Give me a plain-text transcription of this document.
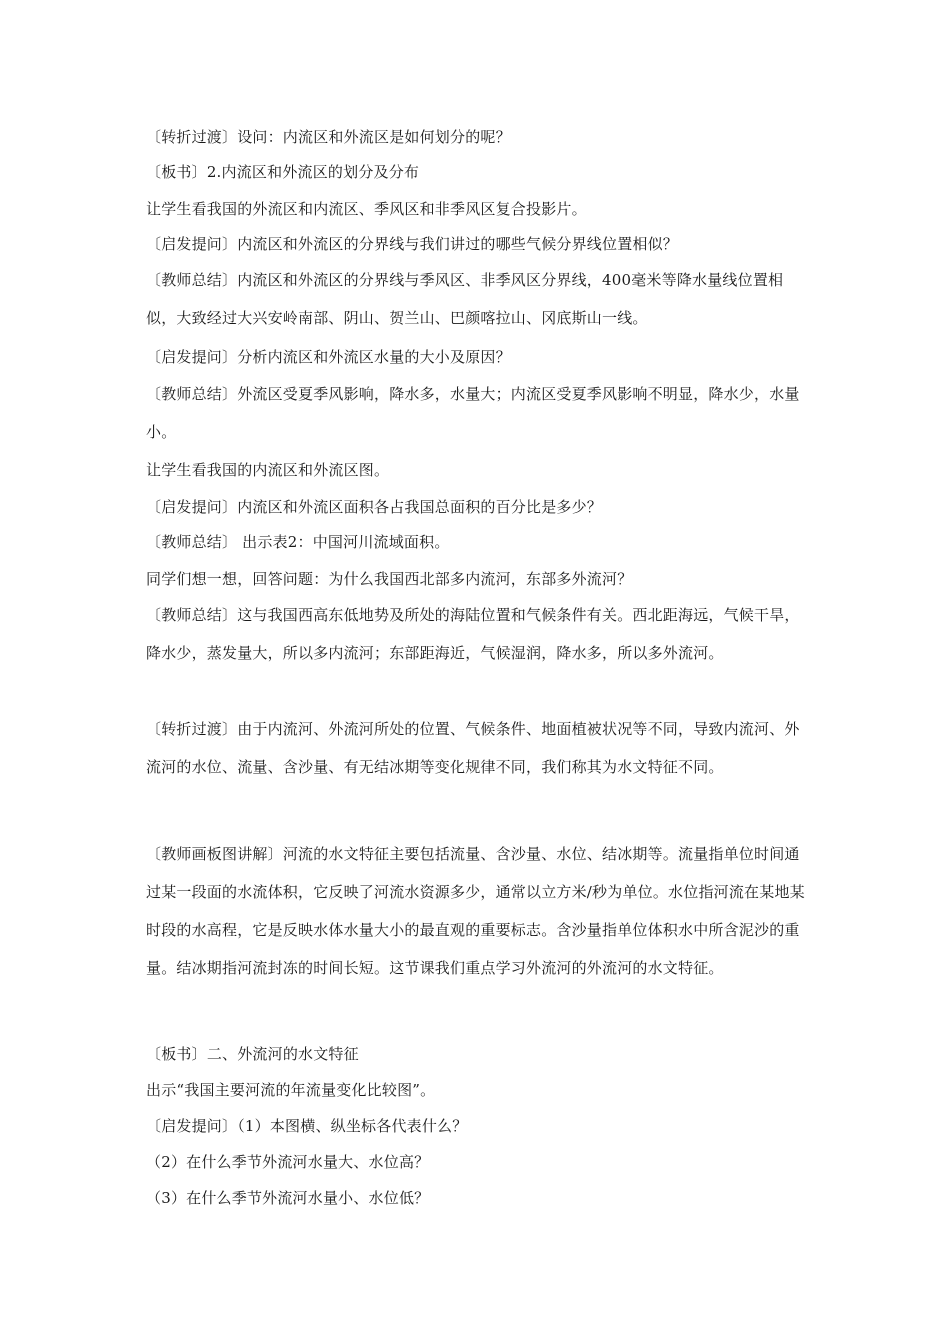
〔转折过渡〕设问：内流区和外流区是如何划分的呢？

〔板书〕2.内流区和外流区的划分及分布

让学生看我国的外流区和内流区、季风区和非季风区复合投影片。

〔启发提问〕内流区和外流区的分界线与我们讲过的哪些气候分界线位置相似？

〔教师总结〕内流区和外流区的分界线与季风区、非季风区分界线，400毫米等降水量线位置相似，大致经过大兴安岭南部、阴山、贺兰山、巴颜喀拉山、冈底斯山一线。

〔启发提问〕分析内流区和外流区水量的大小及原因？

〔教师总结〕外流区受夏季风影响，降水多，水量大；内流区受夏季风影响不明显，降水少，水量小。

让学生看我国的内流区和外流区图。

〔启发提问〕内流区和外流区面积各占我国总面积的百分比是多少？

〔教师总结〕 出示表2：中国河川流域面积。

同学们想一想，回答问题：为什么我国西北部多内流河，东部多外流河？

〔教师总结〕这与我国西高东低地势及所处的海陆位置和气候条件有关。西北距海远，气候干旱，降水少，蒸发量大，所以多内流河；东部距海近，气候湿润，降水多，所以多外流河。

〔转折过渡〕由于内流河、外流河所处的位置、气候条件、地面植被状况等不同，导致内流河、外流河的水位、流量、含沙量、有无结冰期等变化规律不同，我们称其为水文特征不同。

〔教师画板图讲解〕河流的水文特征主要包括流量、含沙量、水位、结冰期等。流量指单位时间通过某一段面的水流体积，它反映了河流水资源多少，通常以立方米/秒为单位。水位指河流在某地某时段的水高程，它是反映水体水量大小的最直观的重要标志。含沙量指单位体积水中所含泥沙的重量。结冰期指河流封冻的时间长短。这节课我们重点学习外流河的外流河的水文特征。

〔板书〕二、外流河的水文特征

出示“我国主要河流的年流量变化比较图”。

〔启发提问〕（1）本图横、纵坐标各代表什么？

（2）在什么季节外流河水量大、水位高？

（3）在什么季节外流河水量小、水位低？
